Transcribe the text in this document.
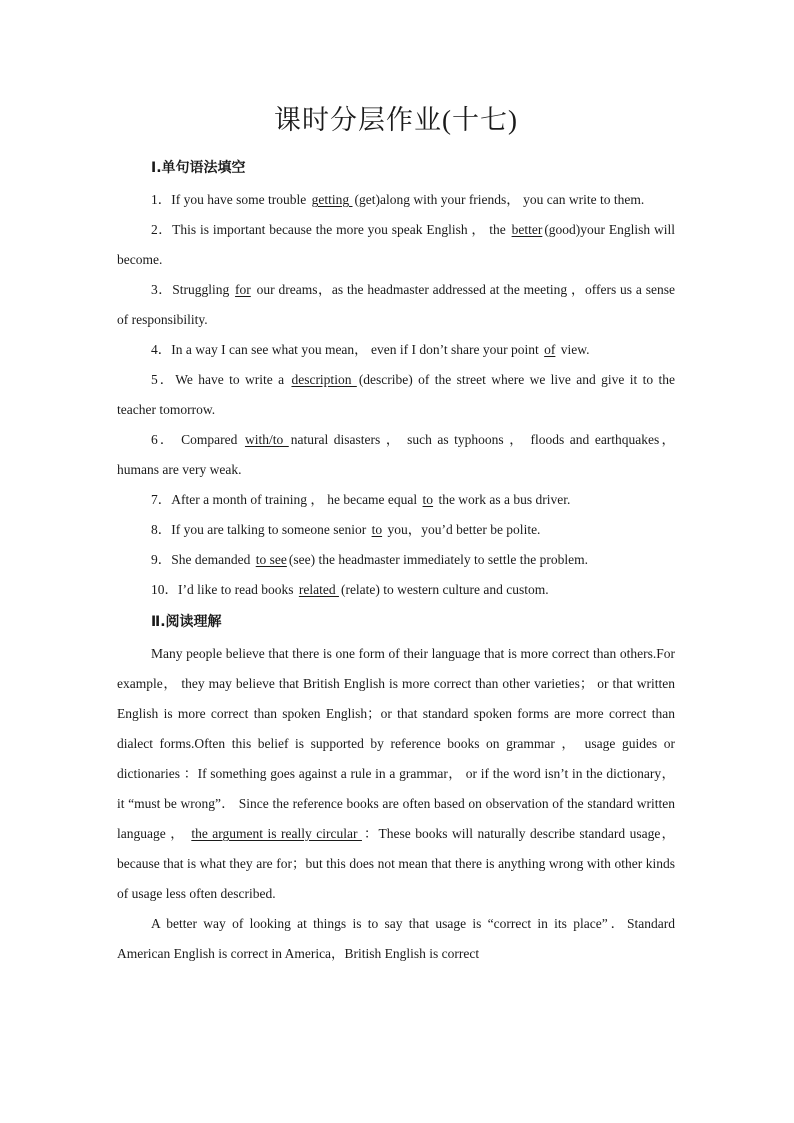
课时分层作业(十七)
Ⅰ.单句语法填空

1．If you have some trouble getting (get)along with your friends， you can write to them.

2．This is important because the more you speak English ， the better (good)your English will become.

3．Struggling for our dreams，as the headmaster addressed at the meeting ，offers us a sense of responsibility.

4．In a way I can see what you mean， even if I don’t share your point of view.

5．We have to write a description (describe) of the street where we live and give it to the teacher tomorrow.

6． Compared with/to natural disasters ， such as typhoons ， floods and earthquakes，humans are very weak.

7．After a month of training ， he became equal to the work as a bus driver.

8．If you are talking to someone senior to you，you’d better be polite.

9．She demanded to see (see) the headmaster immediately to settle the problem.

10．I’d like to read books related (relate) to western culture and custom.

Ⅱ.阅读理解

Many people believe that there is one form of their language that is more correct than others.For example， they may believe that British English is more correct than other varieties； or that written English is more correct than spoken English；or that standard spoken forms are more correct than dialect forms.Often this belief is supported by reference books on grammar ， usage guides or dictionaries ：If something goes against a rule in a grammar， or if the word isn’t in the dictionary， it “must be wrong”． Since the reference books are often based on observation of the standard written language ， the argument is really circular ：These books will naturally describe standard usage， because that is what they are for；but this does not mean that there is anything wrong with other kinds of usage less often described.

A better way of looking at things is to say that usage is “correct in its place”．Standard American English is correct in America，British English is correct
